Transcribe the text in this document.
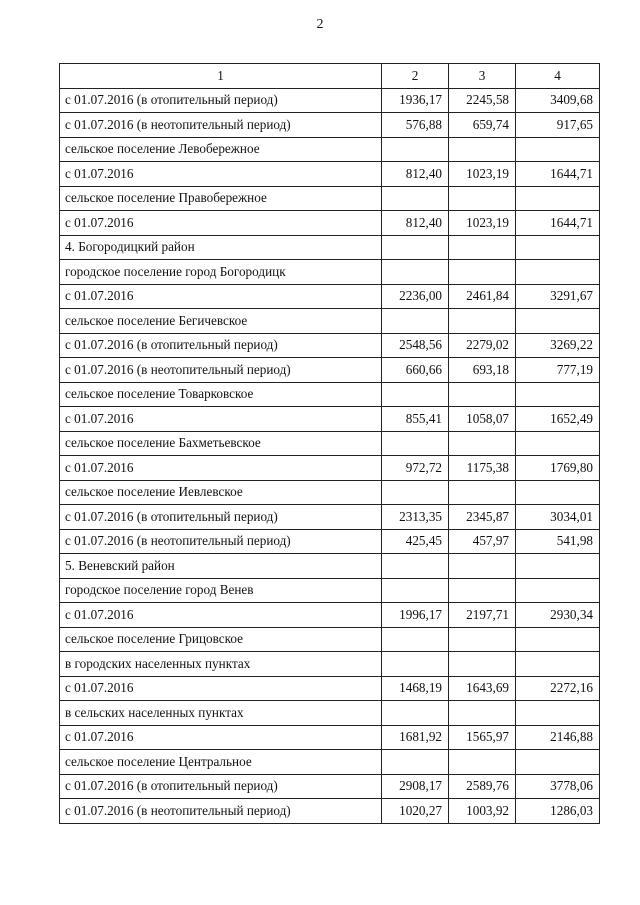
2
1	2	3	4
с 01.07.2016 (в отопительный период)	1936,17	2245,58	3409,68
с 01.07.2016 (в неотопительный период)	576,88	659,74	917,65
сельское поселение Левобережное			
с 01.07.2016	812,40	1023,19	1644,71
сельское поселение Правобережное			
с 01.07.2016	812,40	1023,19	1644,71
4. Богородицкий район			
городское поселение город Богородицк			
с 01.07.2016	2236,00	2461,84	3291,67
сельское поселение Бегичевское			
с 01.07.2016 (в отопительный период)	2548,56	2279,02	3269,22
с 01.07.2016 (в неотопительный период)	660,66	693,18	777,19
сельское поселение Товарковское			
с 01.07.2016	855,41	1058,07	1652,49
сельское поселение Бахметьевское			
с 01.07.2016	972,72	1175,38	1769,80
сельское поселение Иевлевское			
с 01.07.2016 (в отопительный период)	2313,35	2345,87	3034,01
с 01.07.2016 (в неотопительный период)	425,45	457,97	541,98
5. Веневский район			
городское поселение город Венев			
с 01.07.2016	1996,17	2197,71	2930,34
сельское поселение Грицовское			
в городских населенных пунктах			
с 01.07.2016	1468,19	1643,69	2272,16
в сельских населенных пунктах			
с 01.07.2016	1681,92	1565,97	2146,88
сельское поселение Центральное			
с 01.07.2016 (в отопительный период)	2908,17	2589,76	3778,06
с 01.07.2016 (в неотопительный период)	1020,27	1003,92	1286,03
